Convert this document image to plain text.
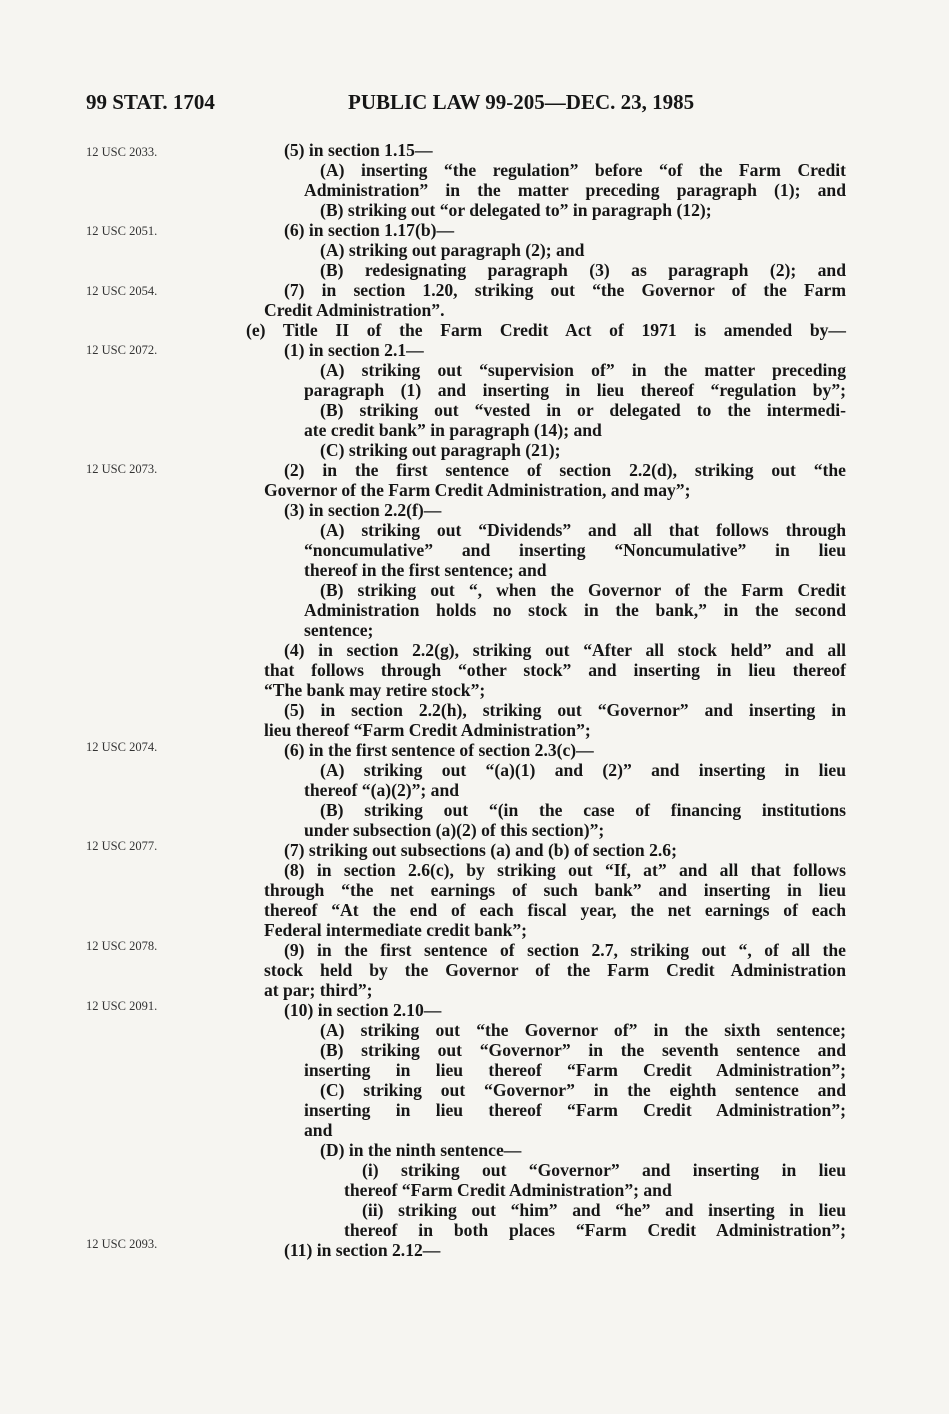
99 STAT. 1704	PUBLIC LAW 99-205—DEC. 23, 1985
12 USC 2033.
12 USC 2051.
12 USC 2054.
12 USC 2072.
12 USC 2073.
12 USC 2074.
12 USC 2077.
12 USC 2078.
12 USC 2091.
12 USC 2093.
(5) in section 1.15—
(A) inserting “the regulation” before “of the Farm Credit
Administration” in the matter preceding paragraph (1); and
(B) striking out “or delegated to” in paragraph (12);
(6) in section 1.17(b)—
(A) striking out paragraph (2); and
(B) redesignating paragraph (3) as paragraph (2); and
(7) in section 1.20, striking out “the Governor of the Farm
Credit Administration”.
(e) Title II of the Farm Credit Act of 1971 is amended by—
(1) in section 2.1—
(A) striking out “supervision of” in the matter preceding
paragraph (1) and inserting in lieu thereof “regulation by”;
(B) striking out “vested in or delegated to the intermedi-
ate credit bank” in paragraph (14); and
(C) striking out paragraph (21);
(2) in the first sentence of section 2.2(d), striking out “the
Governor of the Farm Credit Administration, and may”;
(3) in section 2.2(f)—
(A) striking out “Dividends” and all that follows through
“noncumulative” and inserting “Noncumulative” in lieu
thereof in the first sentence; and
(B) striking out “, when the Governor of the Farm Credit
Administration holds no stock in the bank,” in the second
sentence;
(4) in section 2.2(g), striking out “After all stock held” and all
that follows through “other stock” and inserting in lieu thereof
“The bank may retire stock”;
(5) in section 2.2(h), striking out “Governor” and inserting in
lieu thereof “Farm Credit Administration”;
(6) in the first sentence of section 2.3(c)—
(A) striking out “(a)(1) and (2)” and inserting in lieu
thereof “(a)(2)”; and
(B) striking out “(in the case of financing institutions
under subsection (a)(2) of this section)”;
(7) striking out subsections (a) and (b) of section 2.6;
(8) in section 2.6(c), by striking out “If, at” and all that follows
through “the net earnings of such bank” and inserting in lieu
thereof “At the end of each fiscal year, the net earnings of each
Federal intermediate credit bank”;
(9) in the first sentence of section 2.7, striking out “, of all the
stock held by the Governor of the Farm Credit Administration
at par; third”;
(10) in section 2.10—
(A) striking out “the Governor of” in the sixth sentence;
(B) striking out “Governor” in the seventh sentence and
inserting in lieu thereof “Farm Credit Administration”;
(C) striking out “Governor” in the eighth sentence and
inserting in lieu thereof “Farm Credit Administration”;
and
(D) in the ninth sentence—
(i) striking out “Governor” and inserting in lieu
thereof “Farm Credit Administration”; and
(ii) striking out “him” and “he” and inserting in lieu
thereof in both places “Farm Credit Administration”;
(11) in section 2.12—
